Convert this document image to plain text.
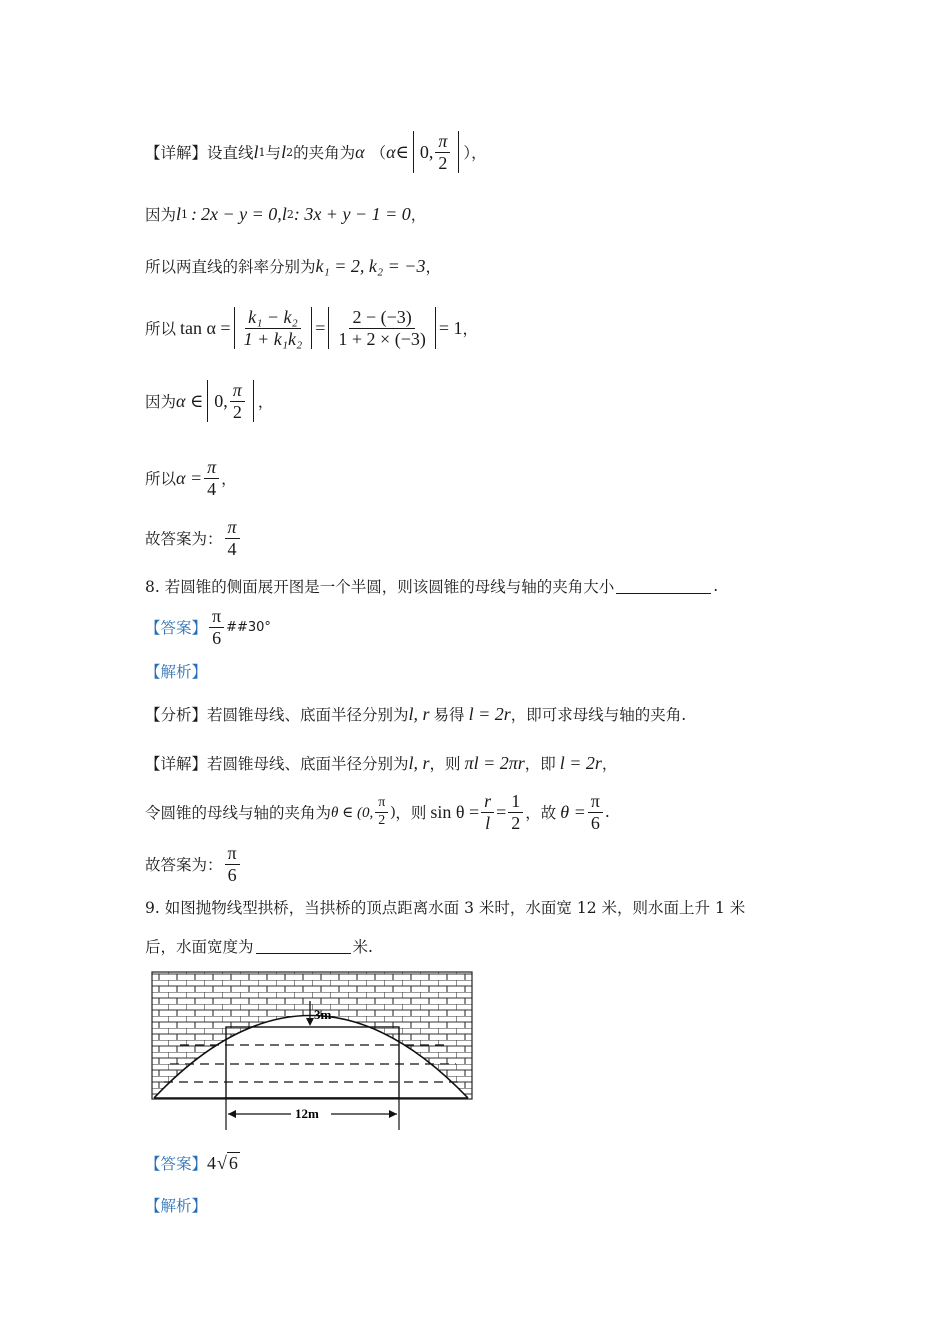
【详解】 设直线 l 1 与 l 2 的夹角为 α （ α∈ 0, $\frac{\pi}{2}$ ），
因为 l 1 : 2x − y = 0, l 2 : 3x + y − 1 = 0 ，
所以两直线的斜率分别为 k₁ = 2, k₂ = −3 ，
所以 $\tan \alpha = \frac{\text{k₁ − k₂}}{\text{1 + k₁k₂}} = \frac{2 - (-3)}{1 + 2 \times (-3)} = 1$ ，
因为 α ∈ 0, $\frac{\pi}{2}$ ，
所以 $\alpha = \frac{\pi}{4}$ ，
故答案为： $\frac{\pi}{4}$
8. 若圆锥的侧面展开图是一个半圆，则该圆锥的母线与轴的夹角大小	.
【答案】 $\frac{\pi}{6}$ ##30°
【解析】
【分析】 若圆锥母线、底面半径分别为 l, r 易得 l = 2r ，即可求母线与轴的夹角.
【详解】 若圆锥母线、底面半径分别为 l, r ，则 πl = 2πr ，即 l = 2r ，
令圆锥的母线与轴的夹角为 θ ∈ (0, $\frac{\pi}{2}$ ) ，则 $\sin \theta = \frac{r}{l} = \frac{1}{2}$ ，故 $\theta = \frac{\pi}{6}$ .
故答案为： $\frac{\pi}{6}$
9. 如图抛物线型拱桥，当拱桥的顶点距离水面 3 米时，水面宽 12 米，则水面上升 1 米
后，水面宽度为	米.
3m
12m
【答案】 4 √ 6
【解析】
